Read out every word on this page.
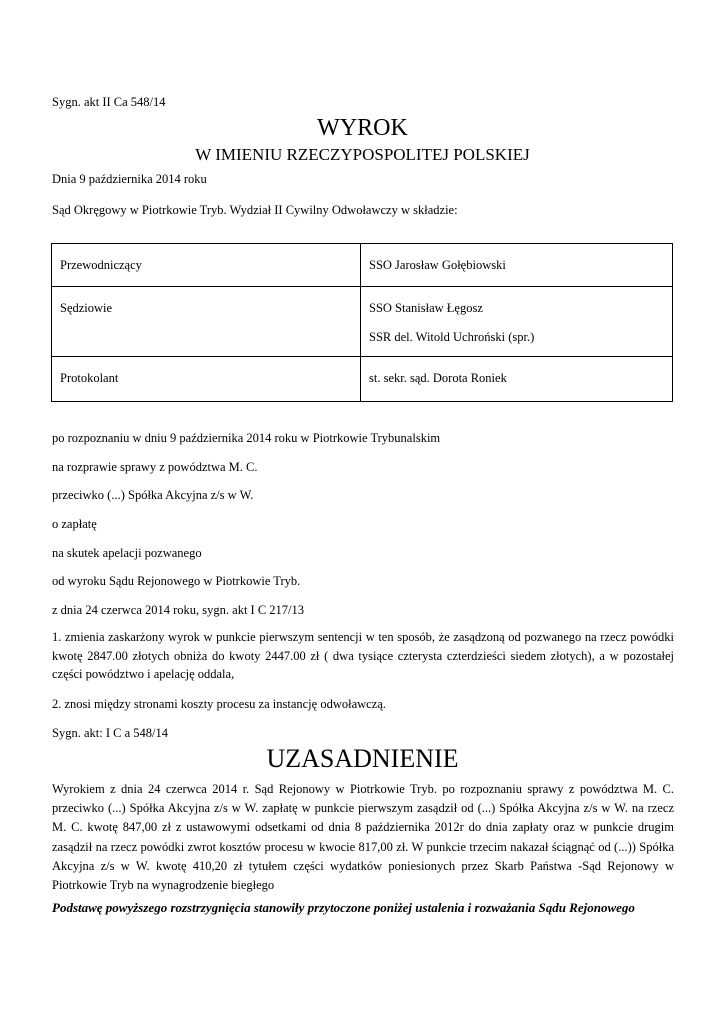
Sygn. akt II Ca 548/14
WYROK
W IMIENIU RZECZYPOSPOLITEJ POLSKIEJ
Dnia 9 października 2014 roku
Sąd Okręgowy w Piotrkowie Tryb. Wydział II Cywilny Odwoławczy w składzie:
Przewodniczący	SSO Jarosław Gołębiowski

Sędziowie	SSO Stanisław Łęgosz
SSR del. Witold Uchroński (spr.)

Protokolant	st. sekr. sąd. Dorota Roniek
po rozpoznaniu w dniu 9 października 2014 roku w Piotrkowie Trybunalskim
na rozprawie sprawy z powództwa M. C.
przeciwko (...) Spółka Akcyjna z/s w W.
o zapłatę
na skutek apelacji pozwanego
od wyroku Sądu Rejonowego w Piotrkowie Tryb.
z dnia 24 czerwca 2014 roku, sygn. akt I C 217/13
1. zmienia zaskarżony wyrok w punkcie pierwszym sentencji w ten sposób, że zasądzoną od pozwanego na rzecz powódki kwotę 2847.00 złotych obniża do kwoty 2447.00 zł ( dwa tysiące czterysta czterdzieści siedem złotych), a w pozostałej części powództwo i apelację oddala,
2. znosi między stronami koszty procesu za instancję odwoławczą.
Sygn. akt: I C a 548/14
UZASADNIENIE
Wyrokiem z dnia 24 czerwca 2014 r. Sąd Rejonowy w Piotrkowie Tryb. po rozpoznaniu sprawy z powództwa M. C. przeciwko (...) Spółka Akcyjna z/s w W. zapłatę w punkcie pierwszym zasądził od (...) Spółka Akcyjna z/s w W. na rzecz M. C. kwotę 847,00 zł z ustawowymi odsetkami od dnia 8 października 2012r do dnia zapłaty oraz w punkcie drugim zasądził na rzecz powódki zwrot kosztów procesu w kwocie 817,00 zł. W punkcie trzecim nakazał ściągnąć od (...)) Spółka Akcyjna z/s w W. kwotę 410,20 zł tytułem części wydatków poniesionych przez Skarb Państwa -Sąd Rejonowy w Piotrkowie Tryb na wynagrodzenie biegłego
Podstawę powyższego rozstrzygnięcia stanowiły przytoczone poniżej ustalenia i rozważania Sądu Rejonowego
